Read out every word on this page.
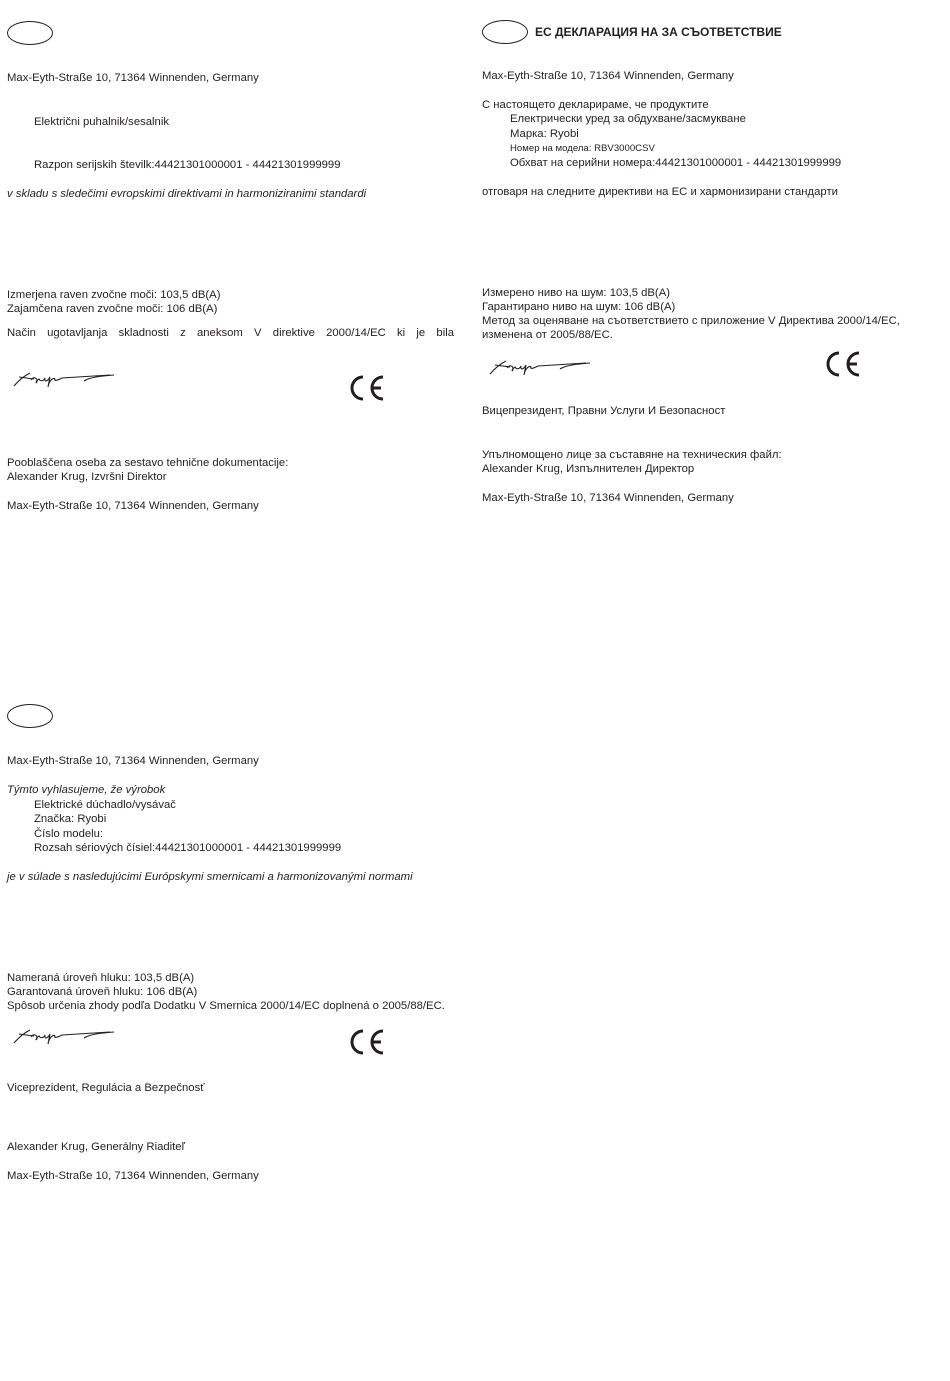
Max-Eyth-Straße 10, 71364 Winnenden, Germany

Električni puhalnik/sesalnik

Razpon serijskih številk:44421301000001 - 44421301999999

v skladu s sledečimi evropskimi direktivami in harmoniziranimi standardi

Izmerjena raven zvočne moči: 103,5 dB(A)

Zajamčena raven zvočne moči: 106 dB(A)

Način ugotavljanja skladnosti z aneksom V direktive 2000/14/EC ki je bila

Pooblaščena oseba za sestavo tehnične dokumentacije:

Alexander Krug, Izvršni Direktor

Max-Eyth-Straße 10, 71364 Winnenden, Germany

ЕС ДЕКЛАРАЦИЯ НА ЗА СЪОТВЕТСТВИЕ

Max-Eyth-Straße 10, 71364 Winnenden, Germany

С настоящето декларираме, че продуктите

Електрически уред за обдухване/засмукване

Марка: Ryobi

Номер на модела: RBV3000CSV

Обхват на серийни номера:44421301000001 - 44421301999999

отговаря на следните директиви на ЕС и хармонизирани стандарти

Измерено ниво на шум: 103,5 dB(A)

Гарантирано ниво на шум: 106 dB(A)

Метод за оценяване на съответствието с приложение V Директива 2000/14/EC,

изменена от 2005/88/EC.

Вицепрезидент, Правни Услуги И Безопасност

Упълномощено лице за съставяне на техническия файл:

Alexander Krug, Изпълнителен Директор

Max-Eyth-Straße 10, 71364 Winnenden, Germany

Max-Eyth-Straße 10, 71364 Winnenden, Germany

Týmto vyhlasujeme, že výrobok

Elektrické dúchadlo/vysávač

Značka: Ryobi

Číslo modelu:

Rozsah sériových čísiel:44421301000001 - 44421301999999

je v súlade s nasledujúcimi Európskymi smernicami a harmonizovanými normami

Nameraná úroveň hluku: 103,5 dB(A)

Garantovaná úroveň hluku: 106 dB(A)

Spôsob určenia zhody podľa Dodatku V Smernica 2000/14/EC doplnená o 2005/88/EC.

Viceprezident, Regulácia a Bezpečnosť

Alexander Krug, Generálny Riaditeľ

Max-Eyth-Straße 10, 71364 Winnenden, Germany
